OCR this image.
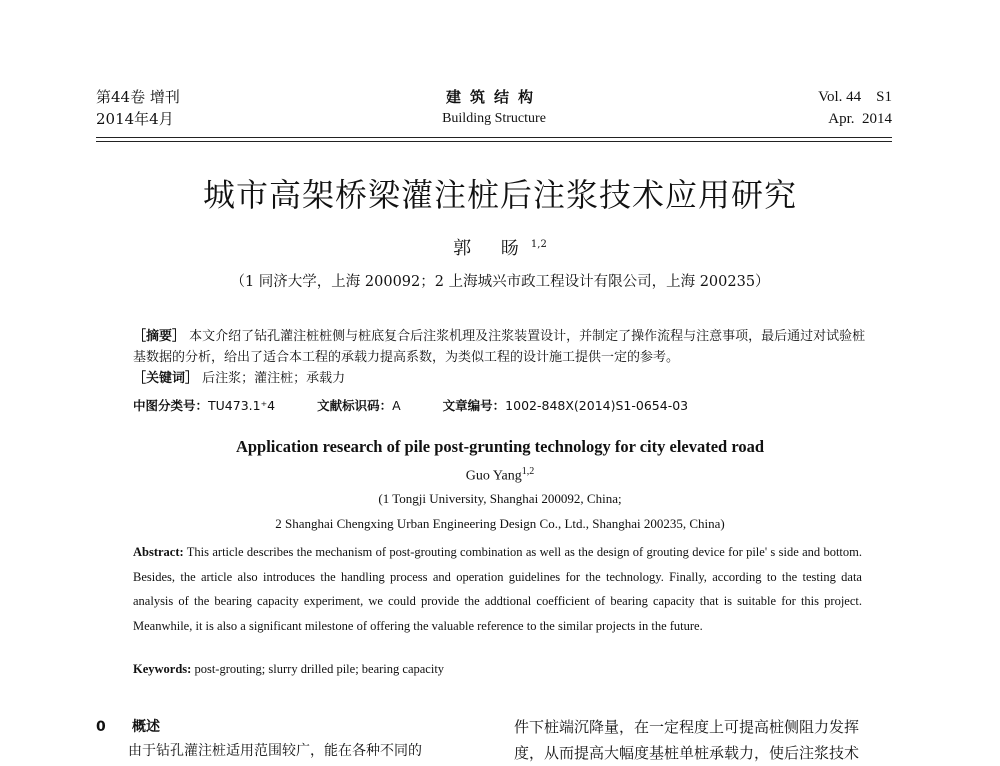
第44卷 增刊
2014年4月
建筑结构
Building Structure
Vol. 44    S1
Apr.  2014
城市高架桥梁灌注桩后注浆技术应用研究
郭 旸$^{1,2}$
（1 同济大学，上海 200092；2 上海城兴市政工程设计有限公司，上海 200235）
［摘要］ 本文介绍了钻孔灌注桩桩侧与桩底复合后注浆机理及注浆装置设计，并制定了操作流程与注意事项，最后通过对试验桩基数据的分析，给出了适合本工程的承载力提高系数，为类似工程的设计施工提供一定的参考。
［关键词］ 后注浆；灌注桩；承载力
中图分类号：TU473.1⁺4	文献标识码：A	文章编号：1002-848X(2014)S1-0654-03
Application research of pile post-grunting technology for city elevated road
Guo Yang$^{1,2}$
(1 Tongji University, Shanghai 200092, China;
2 Shanghai Chengxing Urban Engineering Design Co., Ltd., Shanghai 200235, China)
Abstract: This article describes the mechanism of post-grouting combination as well as the design of grouting device for pile' s side and bottom. Besides, the article also introduces the handling process and operation guidelines for the technology. Finally, according to the testing data analysis of the bearing capacity experiment, we could provide the addtional coefficient of bearing capacity that is suitable for this project. Meanwhile, it is also a significant milestone of offering the valuable reference to the similar projects in the future.
Keywords: post-grouting; slurry drilled pile; bearing capacity
0 概述
由于钻孔灌注桩适用范围较广，能在各种不同的
件下桩端沉降量，在一定程度上可提高桩侧阻力发挥
度，从而提高大幅度基桩单桩承载力，使后注浆技术
